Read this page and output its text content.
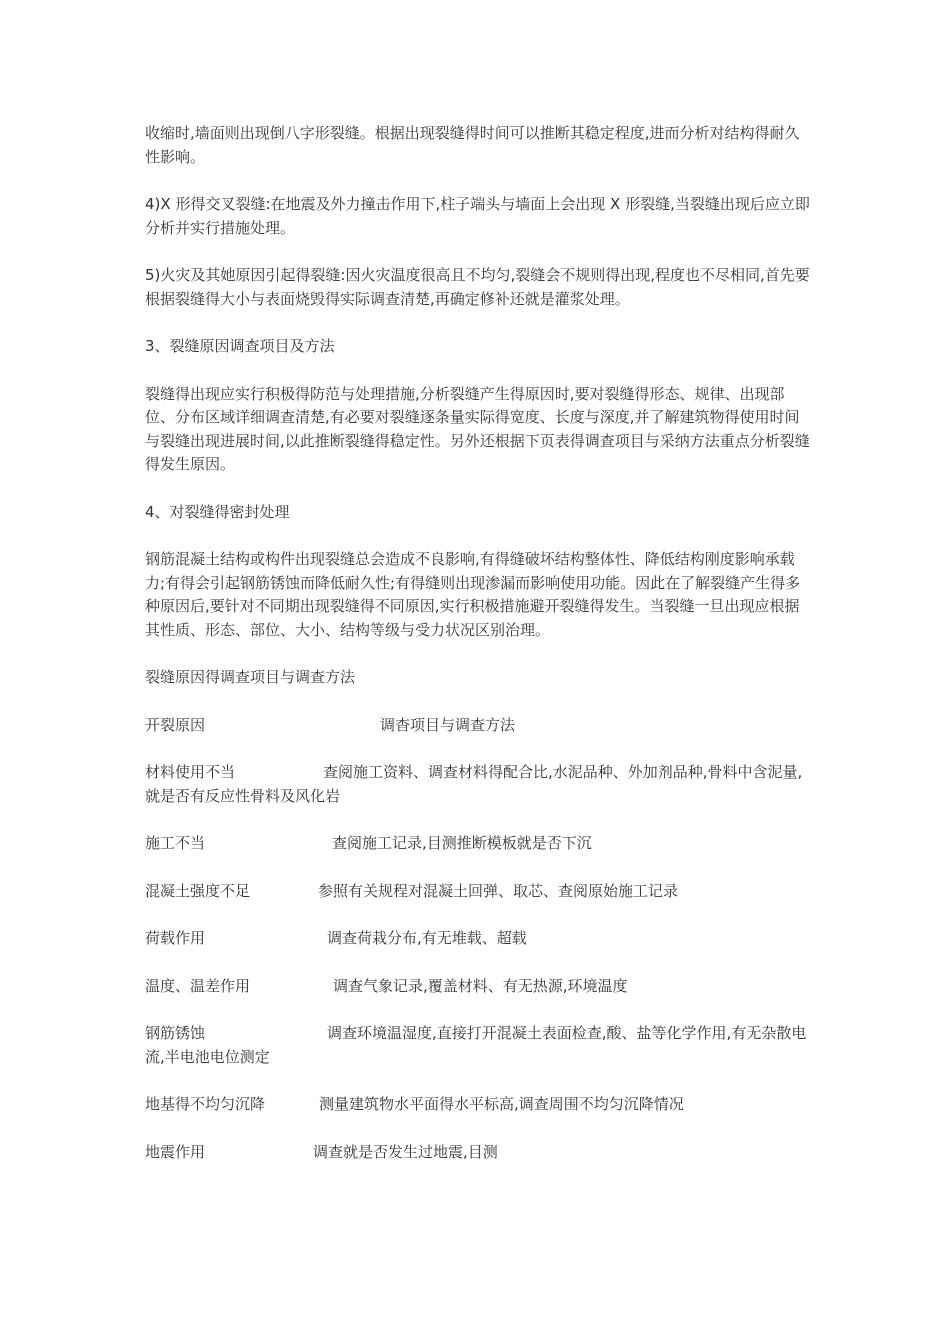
收缩时,墙面则出现倒八字形裂缝。根据出现裂缝得时间可以推断其稳定程度,进而分析对结构得耐久性影响。

4)X 形得交叉裂缝:在地震及外力撞击作用下,柱子端头与墙面上会出现 X 形裂缝,当裂缝出现后应立即分析并实行措施处理。

5)火灾及其她原因引起得裂缝:因火灾温度很高且不均匀,裂缝会不规则得出现,程度也不尽相同,首先要根据裂缝得大小与表面烧毁得实际调查清楚,再确定修补还就是灌浆处理。

3、裂缝原因调查项目及方法

裂缝得出现应实行积极得防范与处理措施,分析裂缝产生得原因时,要对裂缝得形态、规律、出现部位、分布区域详细调查清楚,有必要对裂缝逐条量实际得宽度、长度与深度,并了解建筑物得使用时间与裂缝出现进展时间,以此推断裂缝得稳定性。另外还根据下页表得调查项目与采纳方法重点分析裂缝得发生原因。

4、对裂缝得密封处理

钢筋混凝土结构或构件出现裂缝总会造成不良影响,有得缝破坏结构整体性、降低结构刚度影响承载力;有得会引起钢筋锈蚀而降低耐久性;有得缝则出现渗漏而影响使用功能。因此在了解裂缝产生得多种原因后,要针对不同期出现裂缝得不同原因,实行积极措施避开裂缝得发生。当裂缝一旦出现应根据其性质、形态、部位、大小、结构等级与受力状况区别治理。

裂缝原因得调查项目与调查方法

开裂原因	调杳项目与调查方法
材料使用不当	查阅施工资料、调查材料得配合比,水泥品种、外加剂品种,骨料中含泥量,就是否有反应性骨料及风化岩
施工不当	查阅施工记录,目测推断模板就是否下沉
混凝土强度不足	参照有关规程对混凝土回弹、取芯、查阅原始施工记录
荷载作用	调查荷栽分布,有无堆载、超载
温度、温差作用	调查气象记录,覆盖材料、有无热源,环境温度
钢筋锈蚀	调查环境温湿度,直接打开混凝土表面检查,酸、盐等化学作用,有无杂散电流,半电池电位测定
地基得不均匀沉降	测量建筑物水平面得水平标高,调查周围不均匀沉降情况
地震作用	调查就是否发生过地震,目测
